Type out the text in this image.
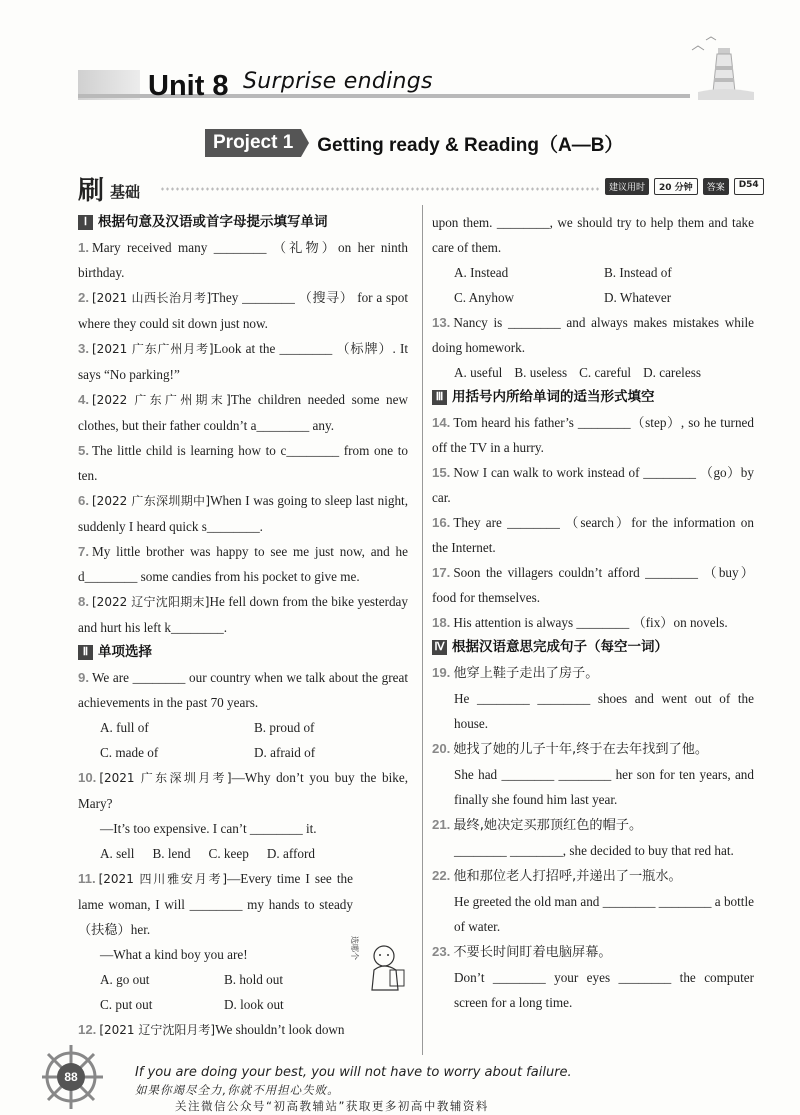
Unit 8 Surprise endings
Project 1	Getting ready & Reading（A—B）
刷 基础	建议用时	20 分钟	答案	D54
Ⅰ 根据句意及汉语或首字母提示填写单词
1. Mary received many ________ （礼物）on her ninth birthday.
2. [2021 山西长治月考]They ________ （搜寻） for a spot where they could sit down just now.
3. [2021 广东广州月考]Look at the ________ （标牌）. It says “No parking!”
4. [2022 广东广州期末]The children needed some new clothes, but their father couldn’t a________ any.
5. The little child is learning how to c________ from one to ten.
6. [2022 广东深圳期中]When I was going to sleep last night, suddenly I heard quick s________.
7. My little brother was happy to see me just now, and he d________ some candies from his pocket to give me.
8. [2022 辽宁沈阳期末]He fell down from the bike yesterday and hurt his left k________.
Ⅱ 单项选择
9. We are ________ our country when we talk about the great achievements in the past 70 years.
A. full of	B. proud of
C. made of	D. afraid of
10. [2021 广东深圳月考]—Why don’t you buy the bike, Mary?
—It’s too expensive. I can’t ________ it.
A. sell B. lend C. keep D. afford
11. [2021 四川雅安月考]—Every time I see the lame woman, I will ________ my hands to steady（扶稳）her.
—What a kind boy you are!
A. go out	B. hold out
C. put out	D. look out
12. [2021 辽宁沈阳月考]We shouldn’t look down
选哪个
upon them. ________, we should try to help them and take care of them.
A. Instead	B. Instead of
C. Anyhow	D. Whatever
13. Nancy is ________ and always makes mistakes while doing homework.
A. useful B. useless C. careful D. careless
Ⅲ 用括号内所给单词的适当形式填空
14. Tom heard his father’s ________（step）, so he turned off the TV in a hurry.
15. Now I can walk to work instead of ________ （go）by car.
16. They are ________ （search）for the information on the Internet.
17. Soon the villagers couldn’t afford ________ （buy）food for themselves.
18. His attention is always ________ （fix）on novels.
Ⅳ 根据汉语意思完成句子（每空一词）
19. 他穿上鞋子走出了房子。
He ________ ________ shoes and went out of the house.
20. 她找了她的儿子十年,终于在去年找到了他。
She had ________ ________ her son for ten years, and finally she found him last year.
21. 最终,她决定买那顶红色的帽子。
________ ________, she decided to buy that red hat.
22. 他和那位老人打招呼,并递出了一瓶水。
He greeted the old man and ________ ________ a bottle of water.
23. 不要长时间盯着电脑屏幕。
Don’t ________ your eyes ________ the computer screen for a long time.
88	If you are doing your best, you will not have to worry about failure.
如果你竭尽全力,你就不用担心失败。
关注微信公众号“初高教辅站”获取更多初高中教辅资料
